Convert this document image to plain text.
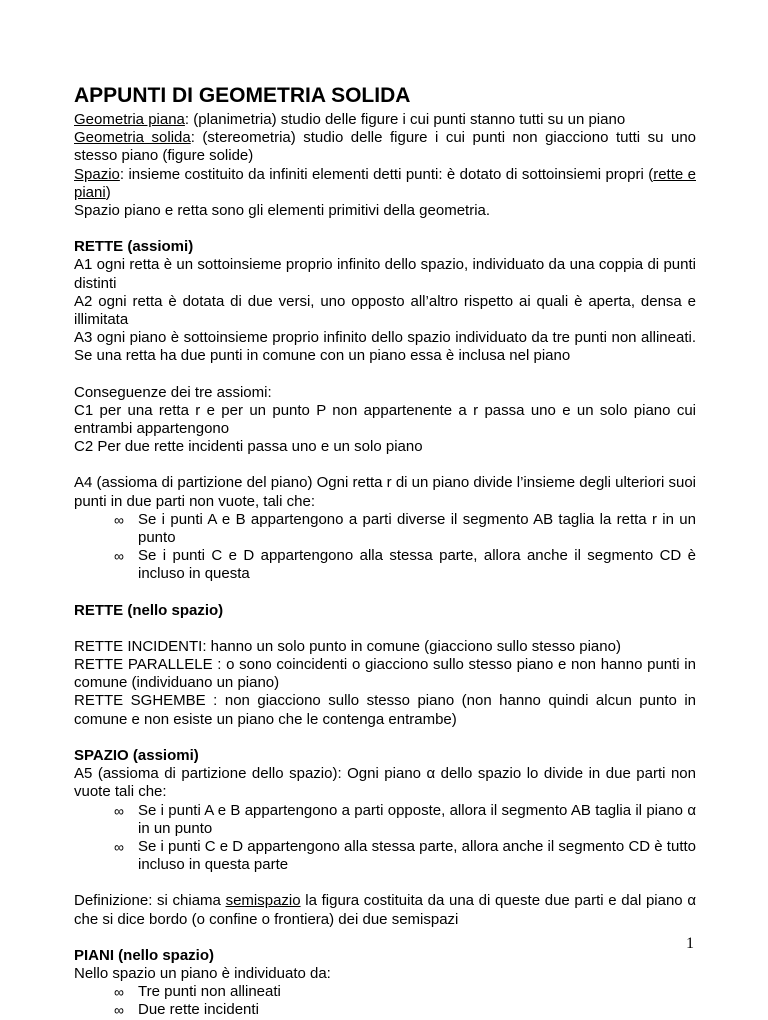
APPUNTI DI GEOMETRIA SOLIDA

Geometria piana: (planimetria) studio delle figure i cui punti stanno tutti su un piano

Geometria solida: (stereometria) studio delle figure i cui punti non giacciono tutti su uno stesso piano (figure solide)

Spazio: insieme costituito da infiniti elementi detti punti: è dotato di sottoinsiemi propri (rette e piani)

Spazio piano e retta sono gli elementi primitivi della geometria.

RETTE (assiomi)

A1 ogni retta è un sottoinsieme proprio infinito dello spazio, individuato da una coppia di punti distinti

A2 ogni retta è dotata di due versi, uno opposto all’altro rispetto ai quali è aperta, densa e illimitata

A3 ogni piano è sottoinsieme proprio infinito dello spazio individuato da tre punti non allineati. Se una retta ha due punti in comune con un piano essa è inclusa nel piano

Conseguenze dei tre assiomi:

C1 per una retta r e per un punto P non appartenente a r passa uno e un solo piano cui entrambi appartengono

C2 Per due rette incidenti passa uno e un solo piano

A4 (assioma di partizione del piano) Ogni retta r di un piano divide l’insieme degli ulteriori suoi punti in due parti non vuote, tali che:

∞ Se i punti A e B appartengono a parti diverse il segmento AB taglia la retta r in un punto
∞ Se i punti C e D appartengono alla stessa parte, allora anche il segmento CD è incluso in questa

RETTE (nello spazio)

RETTE INCIDENTI: hanno un solo punto in comune (giacciono sullo stesso piano)

RETTE PARALLELE : o sono coincidenti o giacciono sullo stesso piano e non hanno punti in comune (individuano un piano)

RETTE SGHEMBE : non giacciono sullo stesso piano (non hanno quindi alcun punto in comune e non esiste un piano che le contenga entrambe)

SPAZIO (assiomi)

A5 (assioma di partizione dello spazio): Ogni piano α dello spazio lo divide in due parti non vuote tali che:

∞ Se i punti A e B appartengono a parti opposte, allora il segmento AB taglia il piano α in un punto
∞ Se i punti C e D appartengono alla stessa parte, allora anche il segmento CD è tutto incluso in questa parte

Definizione: si chiama semispazio la figura costituita da una di queste due parti e dal piano α che si dice bordo (o confine o frontiera) dei due semispazi

PIANI (nello spazio)

Nello spazio un piano è individuato da:

∞ Tre punti non allineati
∞ Due rette incidenti
1
